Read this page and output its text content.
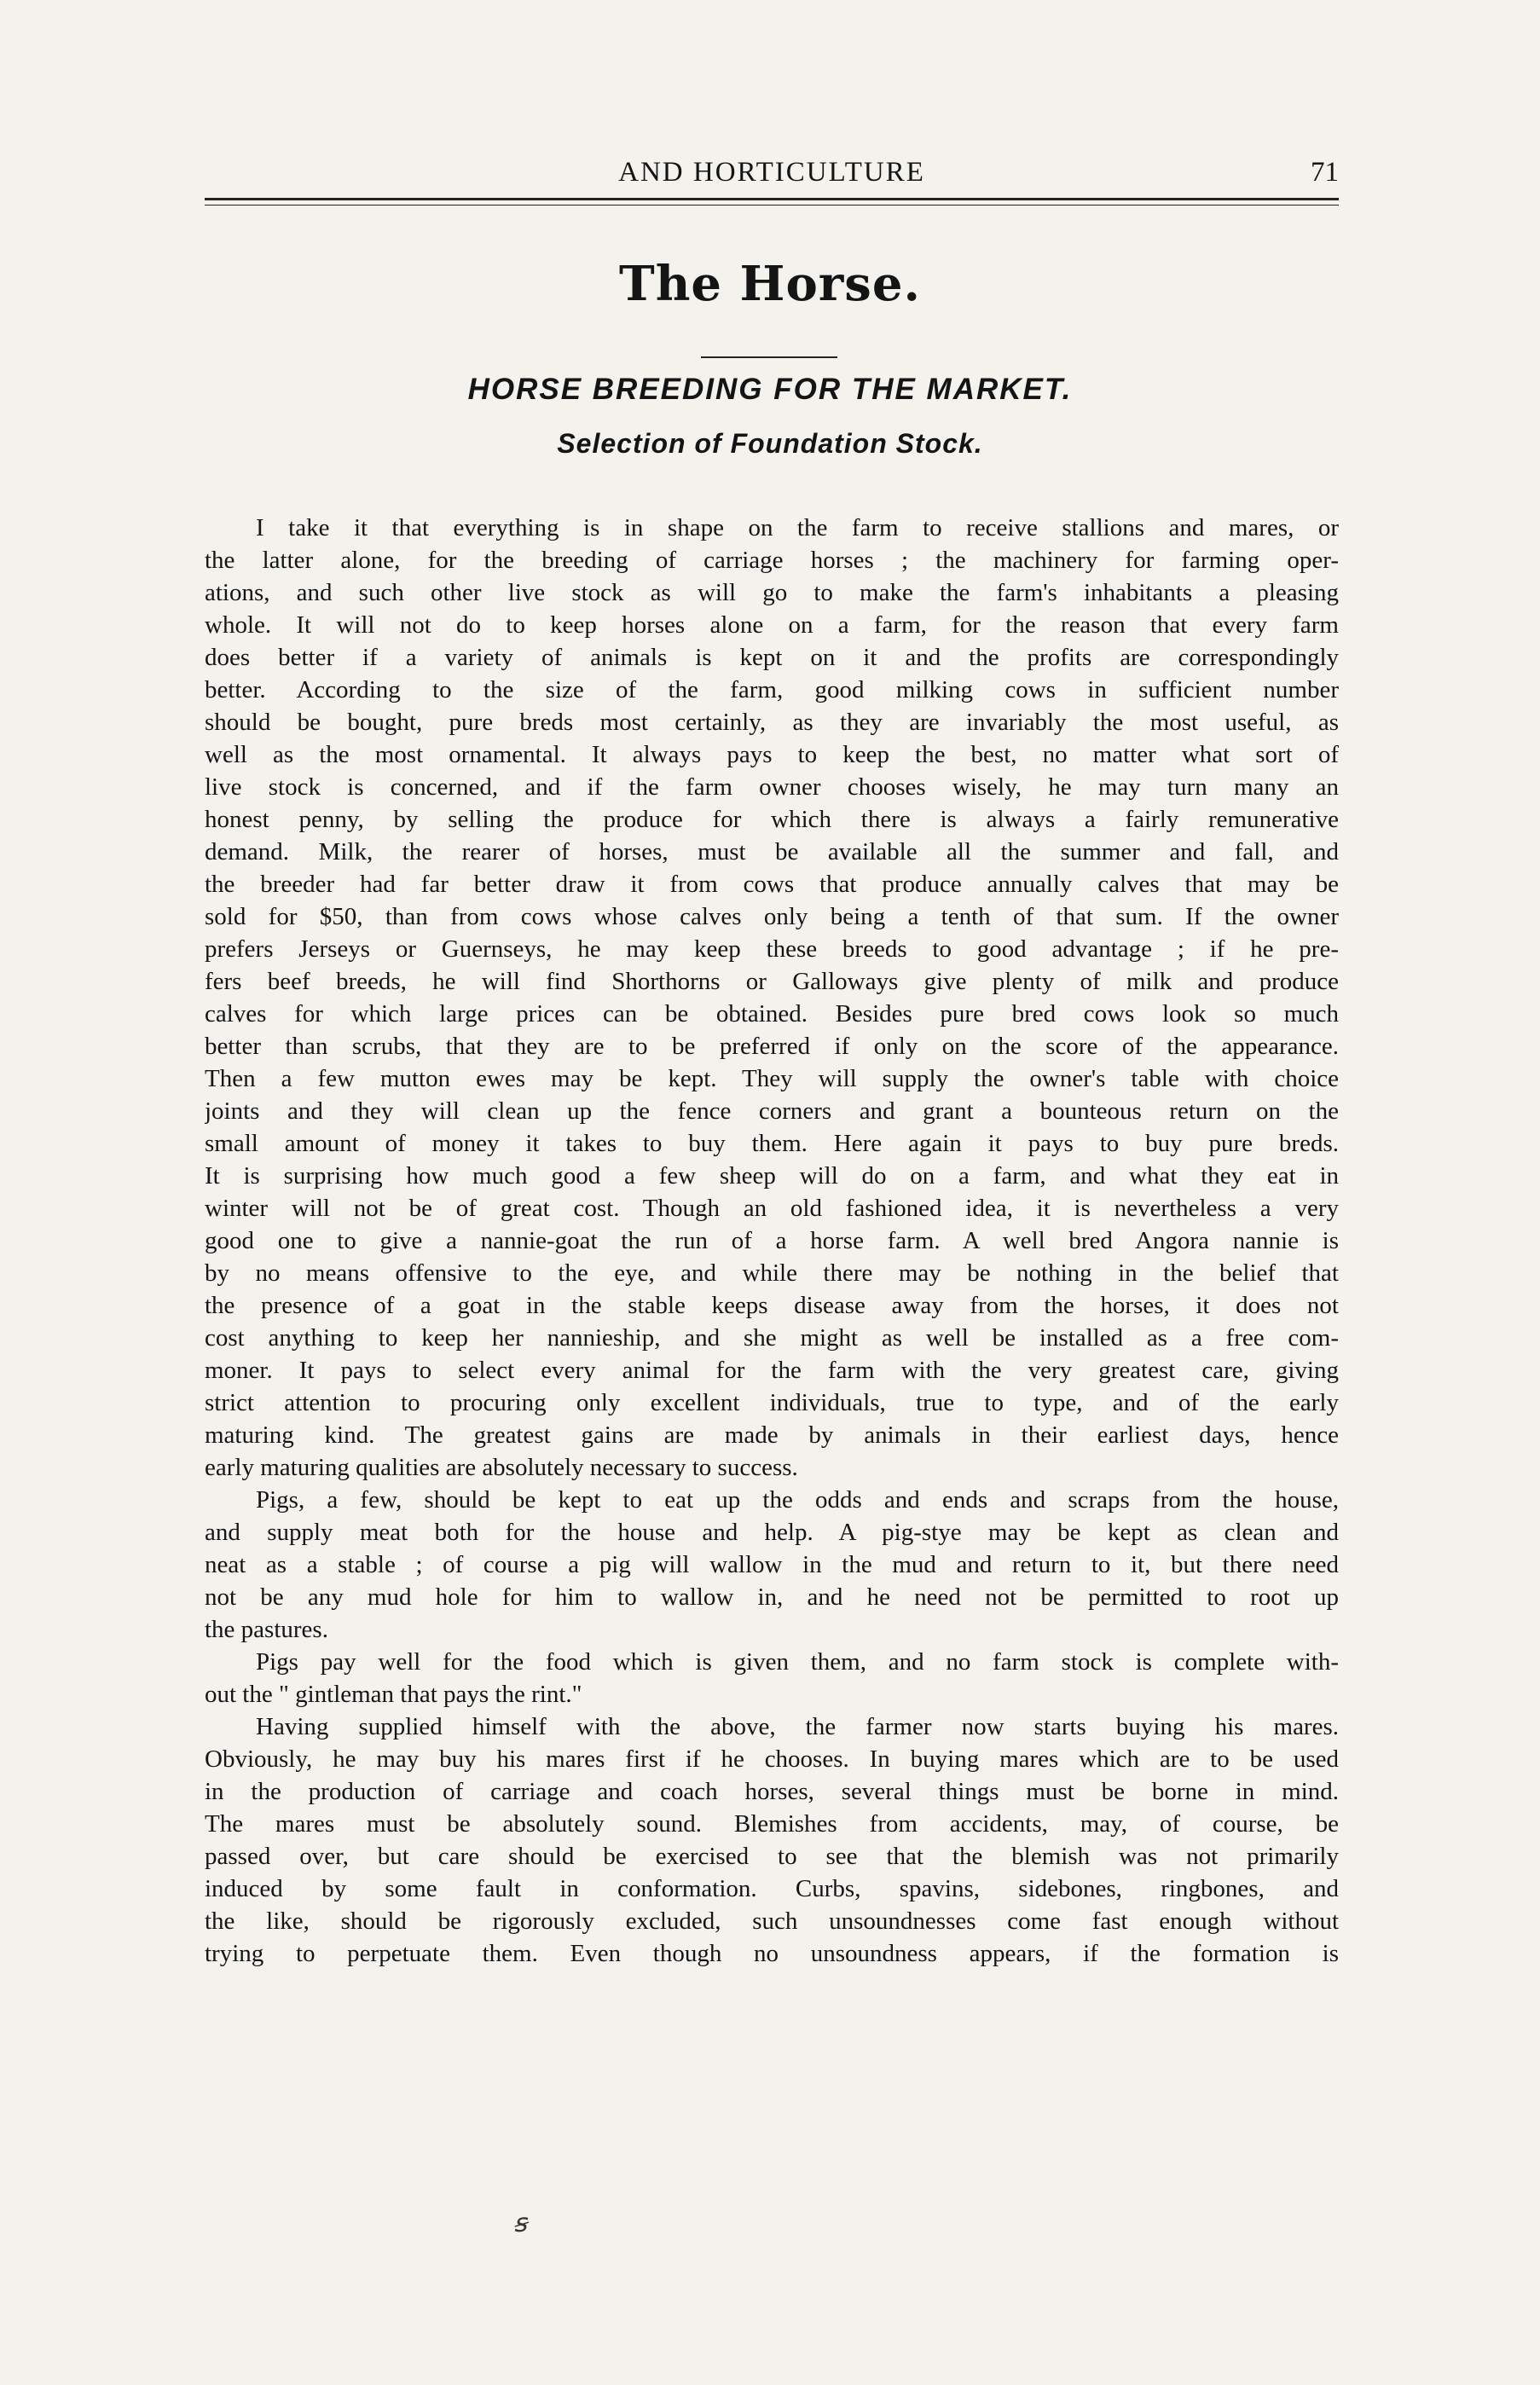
AND HORTICULTURE	71
The Horse.
HORSE BREEDING FOR THE MARKET.
Selection of Foundation Stock.
I take it that everything is in shape on the farm to receive stallions and mares, or
the latter alone, for the breeding of carriage horses ; the machinery for farming oper-
ations, and such other live stock as will go to make the farm's inhabitants a pleasing
whole. It will not do to keep horses alone on a farm, for the reason that every farm
does better if a variety of animals is kept on it and the profits are correspondingly
better. According to the size of the farm, good milking cows in sufficient number
should be bought, pure breds most certainly, as they are invariably the most useful, as
well as the most ornamental. It always pays to keep the best, no matter what sort of
live stock is concerned, and if the farm owner chooses wisely, he may turn many an
honest penny, by selling the produce for which there is always a fairly remunerative
demand. Milk, the rearer of horses, must be available all the summer and fall, and
the breeder had far better draw it from cows that produce annually calves that may be
sold for $50, than from cows whose calves only being a tenth of that sum. If the owner
prefers Jerseys or Guernseys, he may keep these breeds to good advantage ; if he pre-
fers beef breeds, he will find Shorthorns or Galloways give plenty of milk and produce
calves for which large prices can be obtained. Besides pure bred cows look so much
better than scrubs, that they are to be preferred if only on the score of the appearance.
Then a few mutton ewes may be kept. They will supply the owner's table with choice
joints and they will clean up the fence corners and grant a bounteous return on the
small amount of money it takes to buy them. Here again it pays to buy pure breds.
It is surprising how much good a few sheep will do on a farm, and what they eat in
winter will not be of great cost. Though an old fashioned idea, it is nevertheless a very
good one to give a nannie-goat the run of a horse farm. A well bred Angora nannie is
by no means offensive to the eye, and while there may be nothing in the belief that
the presence of a goat in the stable keeps disease away from the horses, it does not
cost anything to keep her nannieship, and she might as well be installed as a free com-
moner. It pays to select every animal for the farm with the very greatest care, giving
strict attention to procuring only excellent individuals, true to type, and of the early
maturing kind. The greatest gains are made by animals in their earliest days, hence
early maturing qualities are absolutely necessary to success.
Pigs, a few, should be kept to eat up the odds and ends and scraps from the house,
and supply meat both for the house and help. A pig-stye may be kept as clean and
neat as a stable ; of course a pig will wallow in the mud and return to it, but there need
not be any mud hole for him to wallow in, and he need not be permitted to root up
the pastures.
Pigs pay well for the food which is given them, and no farm stock is complete with-
out the " gintleman that pays the rint."
Having supplied himself with the above, the farmer now starts buying his mares.
Obviously, he may buy his mares first if he chooses. In buying mares which are to be used
in the production of carriage and coach horses, several things must be borne in mind.
The mares must be absolutely sound. Blemishes from accidents, may, of course, be
passed over, but care should be exercised to see that the blemish was not primarily
induced by some fault in conformation. Curbs, spavins, sidebones, ringbones, and
the like, should be rigorously excluded, such unsoundnesses come fast enough without
trying to perpetuate them. Even though no unsoundness appears, if the formation is
ꞩ
